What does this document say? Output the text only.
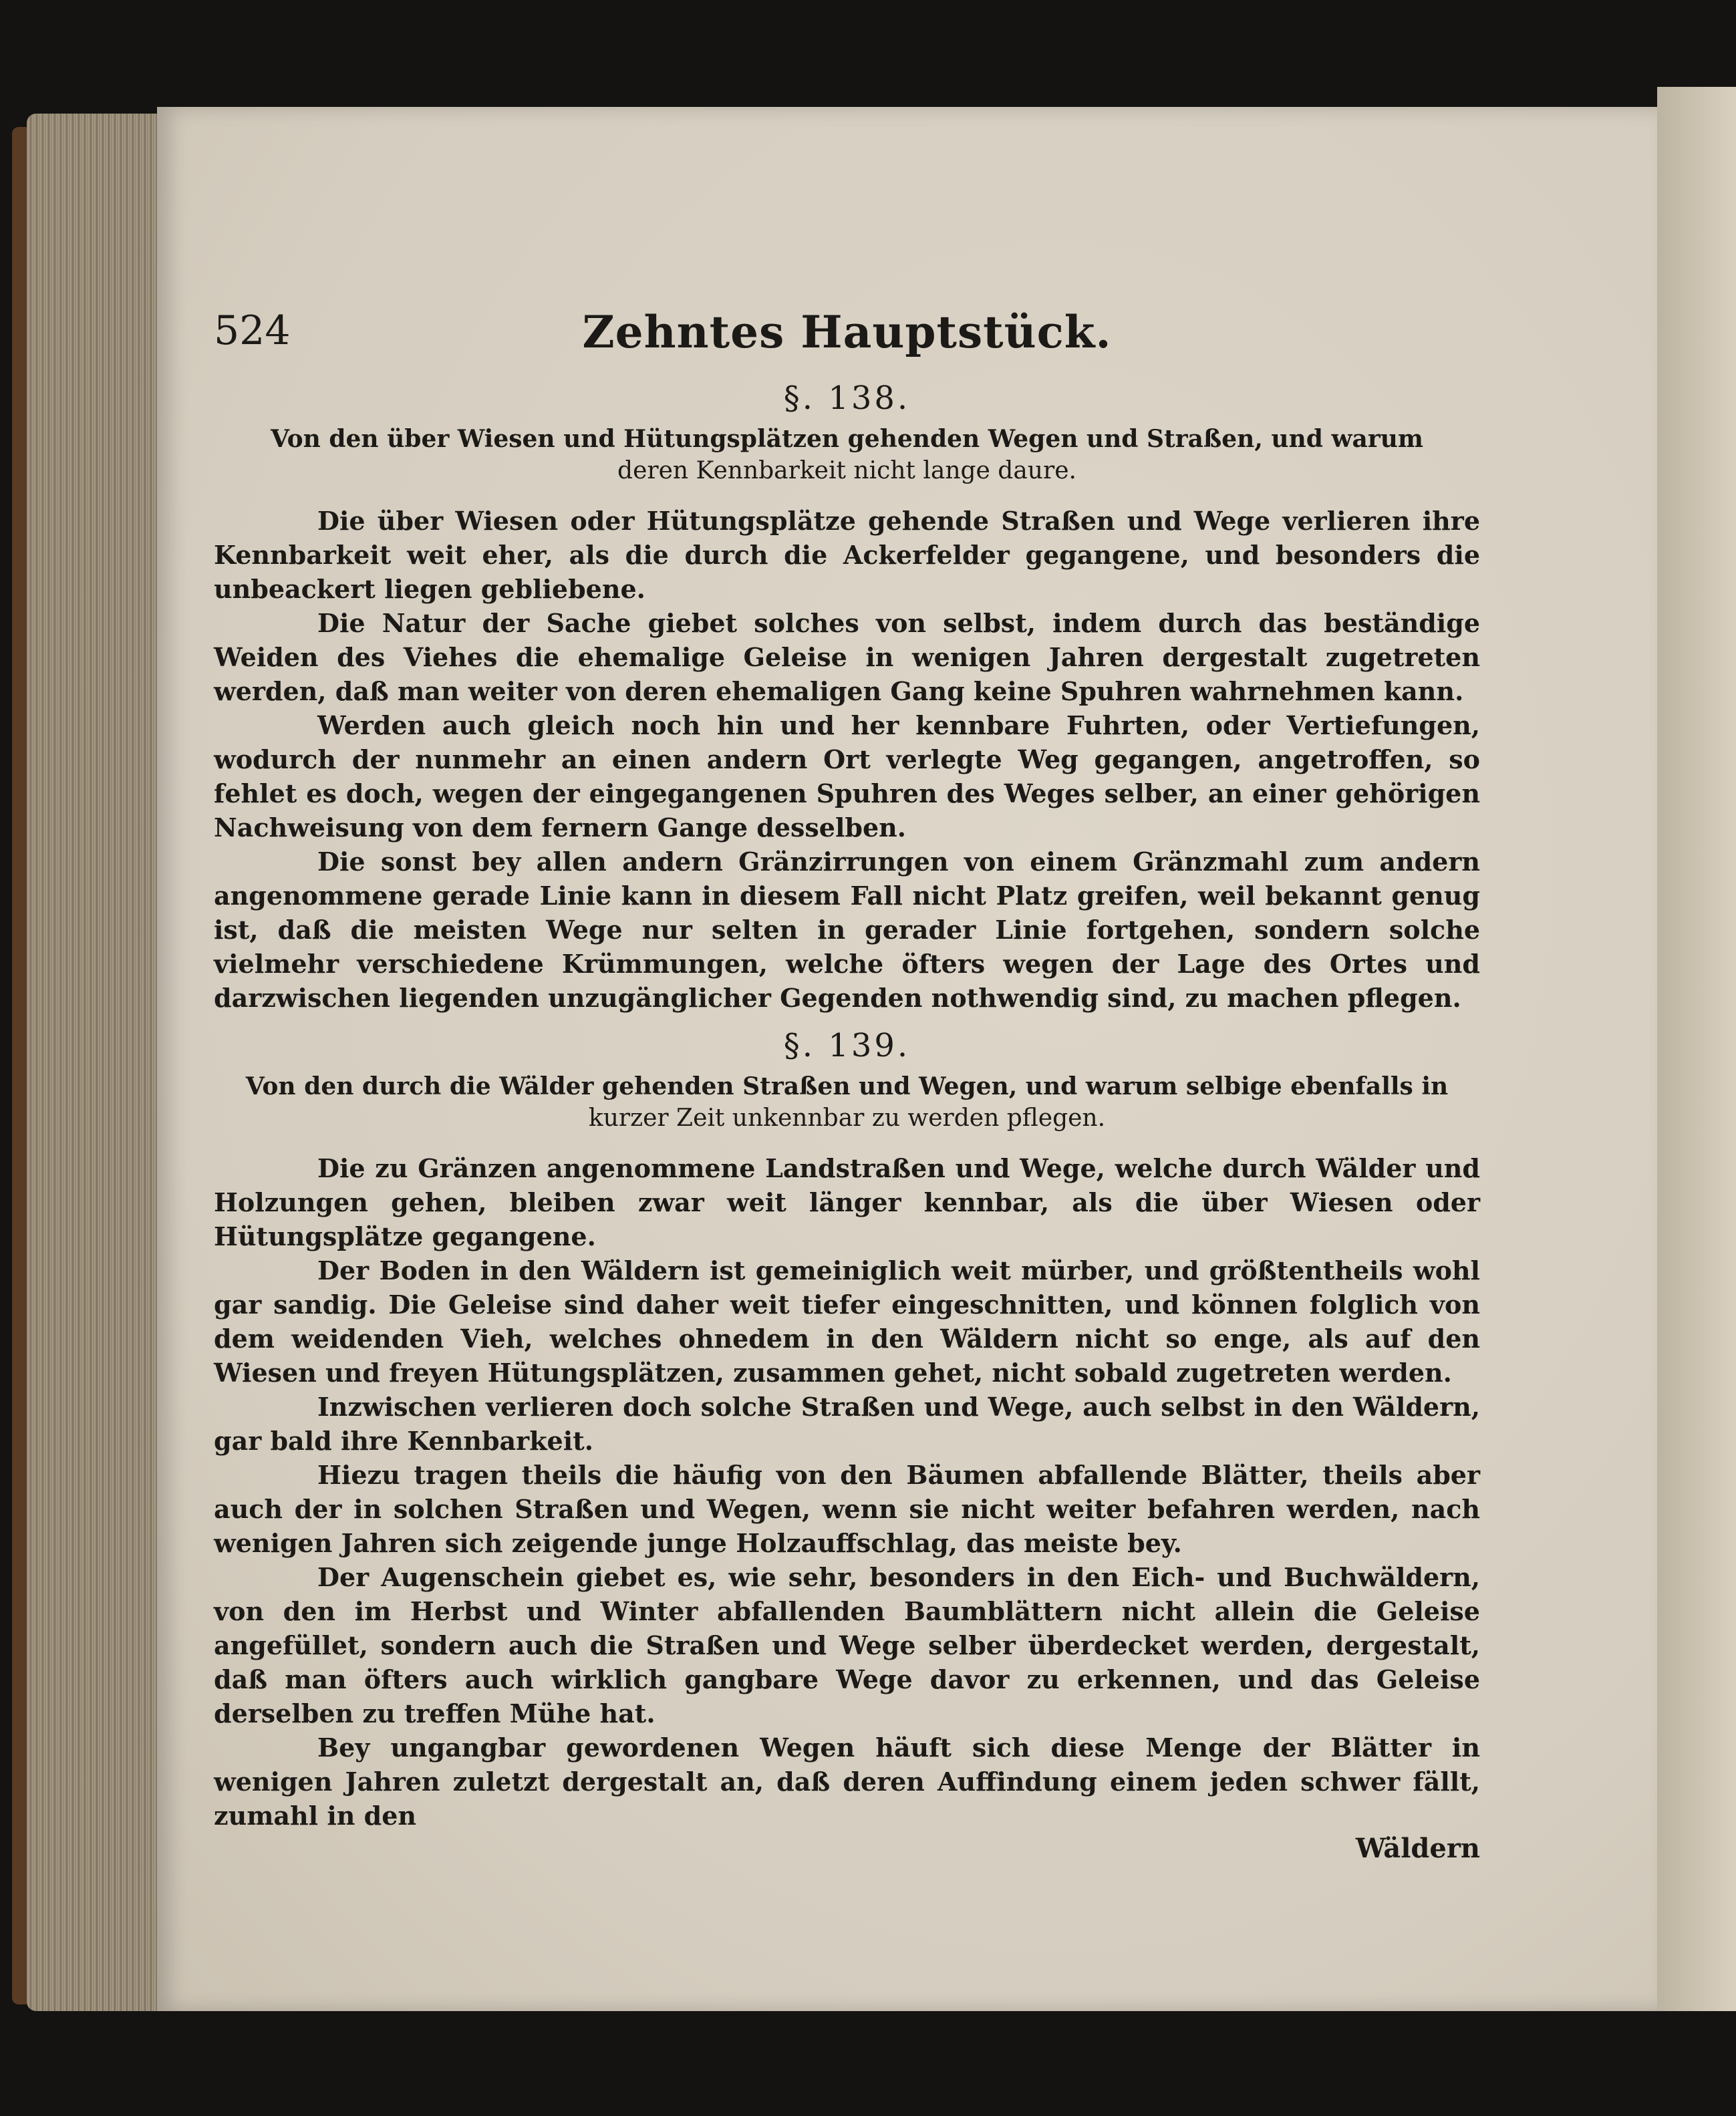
524	Zehntes Hauptstück.
§. 138.
Von den über Wiesen und Hütungsplätzen gehenden Wegen und Straßen, und warum
deren Kennbarkeit nicht lange daure.

Die über Wiesen oder Hütungsplätze gehende Straßen und Wege verlieren ihre Kennbarkeit weit eher, als die durch die Ackerfelder gegangene, und besonders die unbeackert liegen gebliebene.

Die Natur der Sache giebet solches von selbst, indem durch das beständige Weiden des Viehes die ehemalige Geleise in wenigen Jahren dergestalt zugetreten werden, daß man weiter von deren ehemaligen Gang keine Spuhren wahrnehmen kann.

Werden auch gleich noch hin und her kennbare Fuhrten, oder Vertiefungen, wodurch der nunmehr an einen andern Ort verlegte Weg gegangen, angetroffen, so fehlet es doch, wegen der eingegangenen Spuhren des Weges selber, an einer gehörigen Nachweisung von dem fernern Gange desselben.

Die sonst bey allen andern Gränzirrungen von einem Gränzmahl zum andern angenommene gerade Linie kann in diesem Fall nicht Platz greifen, weil bekannt genug ist, daß die meisten Wege nur selten in gerader Linie fortgehen, sondern solche vielmehr verschiedene Krümmungen, welche öfters wegen der Lage des Ortes und darzwischen liegenden unzugänglicher Gegenden nothwendig sind, zu machen pflegen.

§. 139.
Von den durch die Wälder gehenden Straßen und Wegen, und warum selbige ebenfalls in
kurzer Zeit unkennbar zu werden pflegen.

Die zu Gränzen angenommene Landstraßen und Wege, welche durch Wälder und Holzungen gehen, bleiben zwar weit länger kennbar, als die über Wiesen oder Hütungsplätze gegangene.

Der Boden in den Wäldern ist gemeiniglich weit mürber, und größtentheils wohl gar sandig. Die Geleise sind daher weit tiefer eingeschnitten, und können folglich von dem weidenden Vieh, welches ohnedem in den Wäldern nicht so enge, als auf den Wiesen und freyen Hütungsplätzen, zusammen gehet, nicht sobald zugetreten werden.

Inzwischen verlieren doch solche Straßen und Wege, auch selbst in den Wäldern, gar bald ihre Kennbarkeit.

Hiezu tragen theils die häufig von den Bäumen abfallende Blätter, theils aber auch der in solchen Straßen und Wegen, wenn sie nicht weiter befahren werden, nach wenigen Jahren sich zeigende junge Holzauffschlag, das meiste bey.

Der Augenschein giebet es, wie sehr, besonders in den Eich- und Buchwäldern, von den im Herbst und Winter abfallenden Baumblättern nicht allein die Geleise angefüllet, sondern auch die Straßen und Wege selber überdecket werden, dergestalt, daß man öfters auch wirklich gangbare Wege davor zu erkennen, und das Geleise derselben zu treffen Mühe hat.

Bey ungangbar gewordenen Wegen häuft sich diese Menge der Blätter in wenigen Jahren zuletzt dergestalt an, daß deren Auffindung einem jeden schwer fällt, zumahl in den

Wäldern
